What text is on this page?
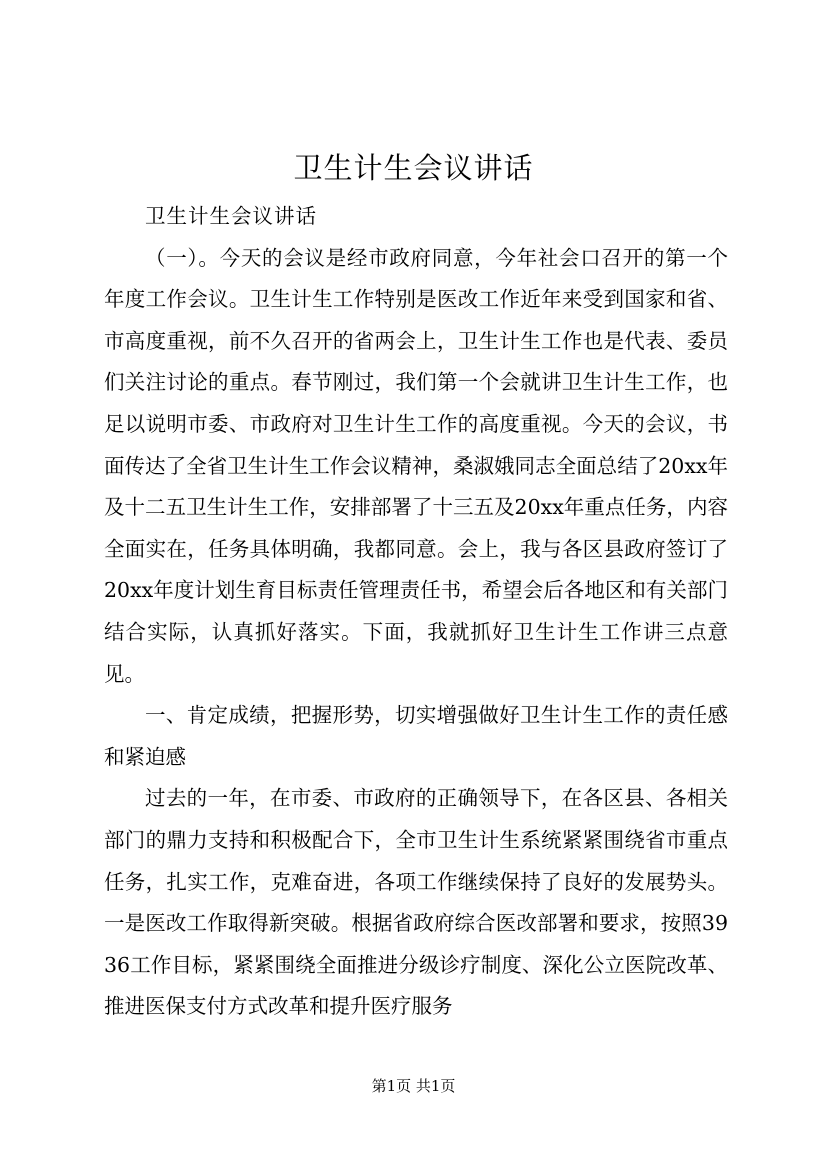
卫生计生会议讲话

卫生计生会议讲话

（一）。今天的会议是经市政府同意，今年社会口召开的第一个年度工作会议。卫生计生工作特别是医改工作近年来受到国家和省、市高度重视，前不久召开的省两会上，卫生计生工作也是代表、委员们关注讨论的重点。春节刚过，我们第一个会就讲卫生计生工作，也足以说明市委、市政府对卫生计生工作的高度重视。今天的会议，书面传达了全省卫生计生工作会议精神，桑淑娥同志全面总结了20xx年及十二五卫生计生工作，安排部署了十三五及20xx年重点任务，内容全面实在，任务具体明确，我都同意。会上，我与各区县政府签订了20xx年度计划生育目标责任管理责任书，希望会后各地区和有关部门结合实际，认真抓好落实。下面，我就抓好卫生计生工作讲三点意见。

一、肯定成绩，把握形势，切实增强做好卫生计生工作的责任感和紧迫感

过去的一年，在市委、市政府的正确领导下，在各区县、各相关部门的鼎力支持和积极配合下，全市卫生计生系统紧紧围绕省市重点任务，扎实工作，克难奋进，各项工作继续保持了良好的发展势头。一是医改工作取得新突破。根据省政府综合医改部署和要求，按照3936工作目标，紧紧围绕全面推进分级诊疗制度、深化公立医院改革、推进医保支付方式改革和提升医疗服务

第1页 共1页
